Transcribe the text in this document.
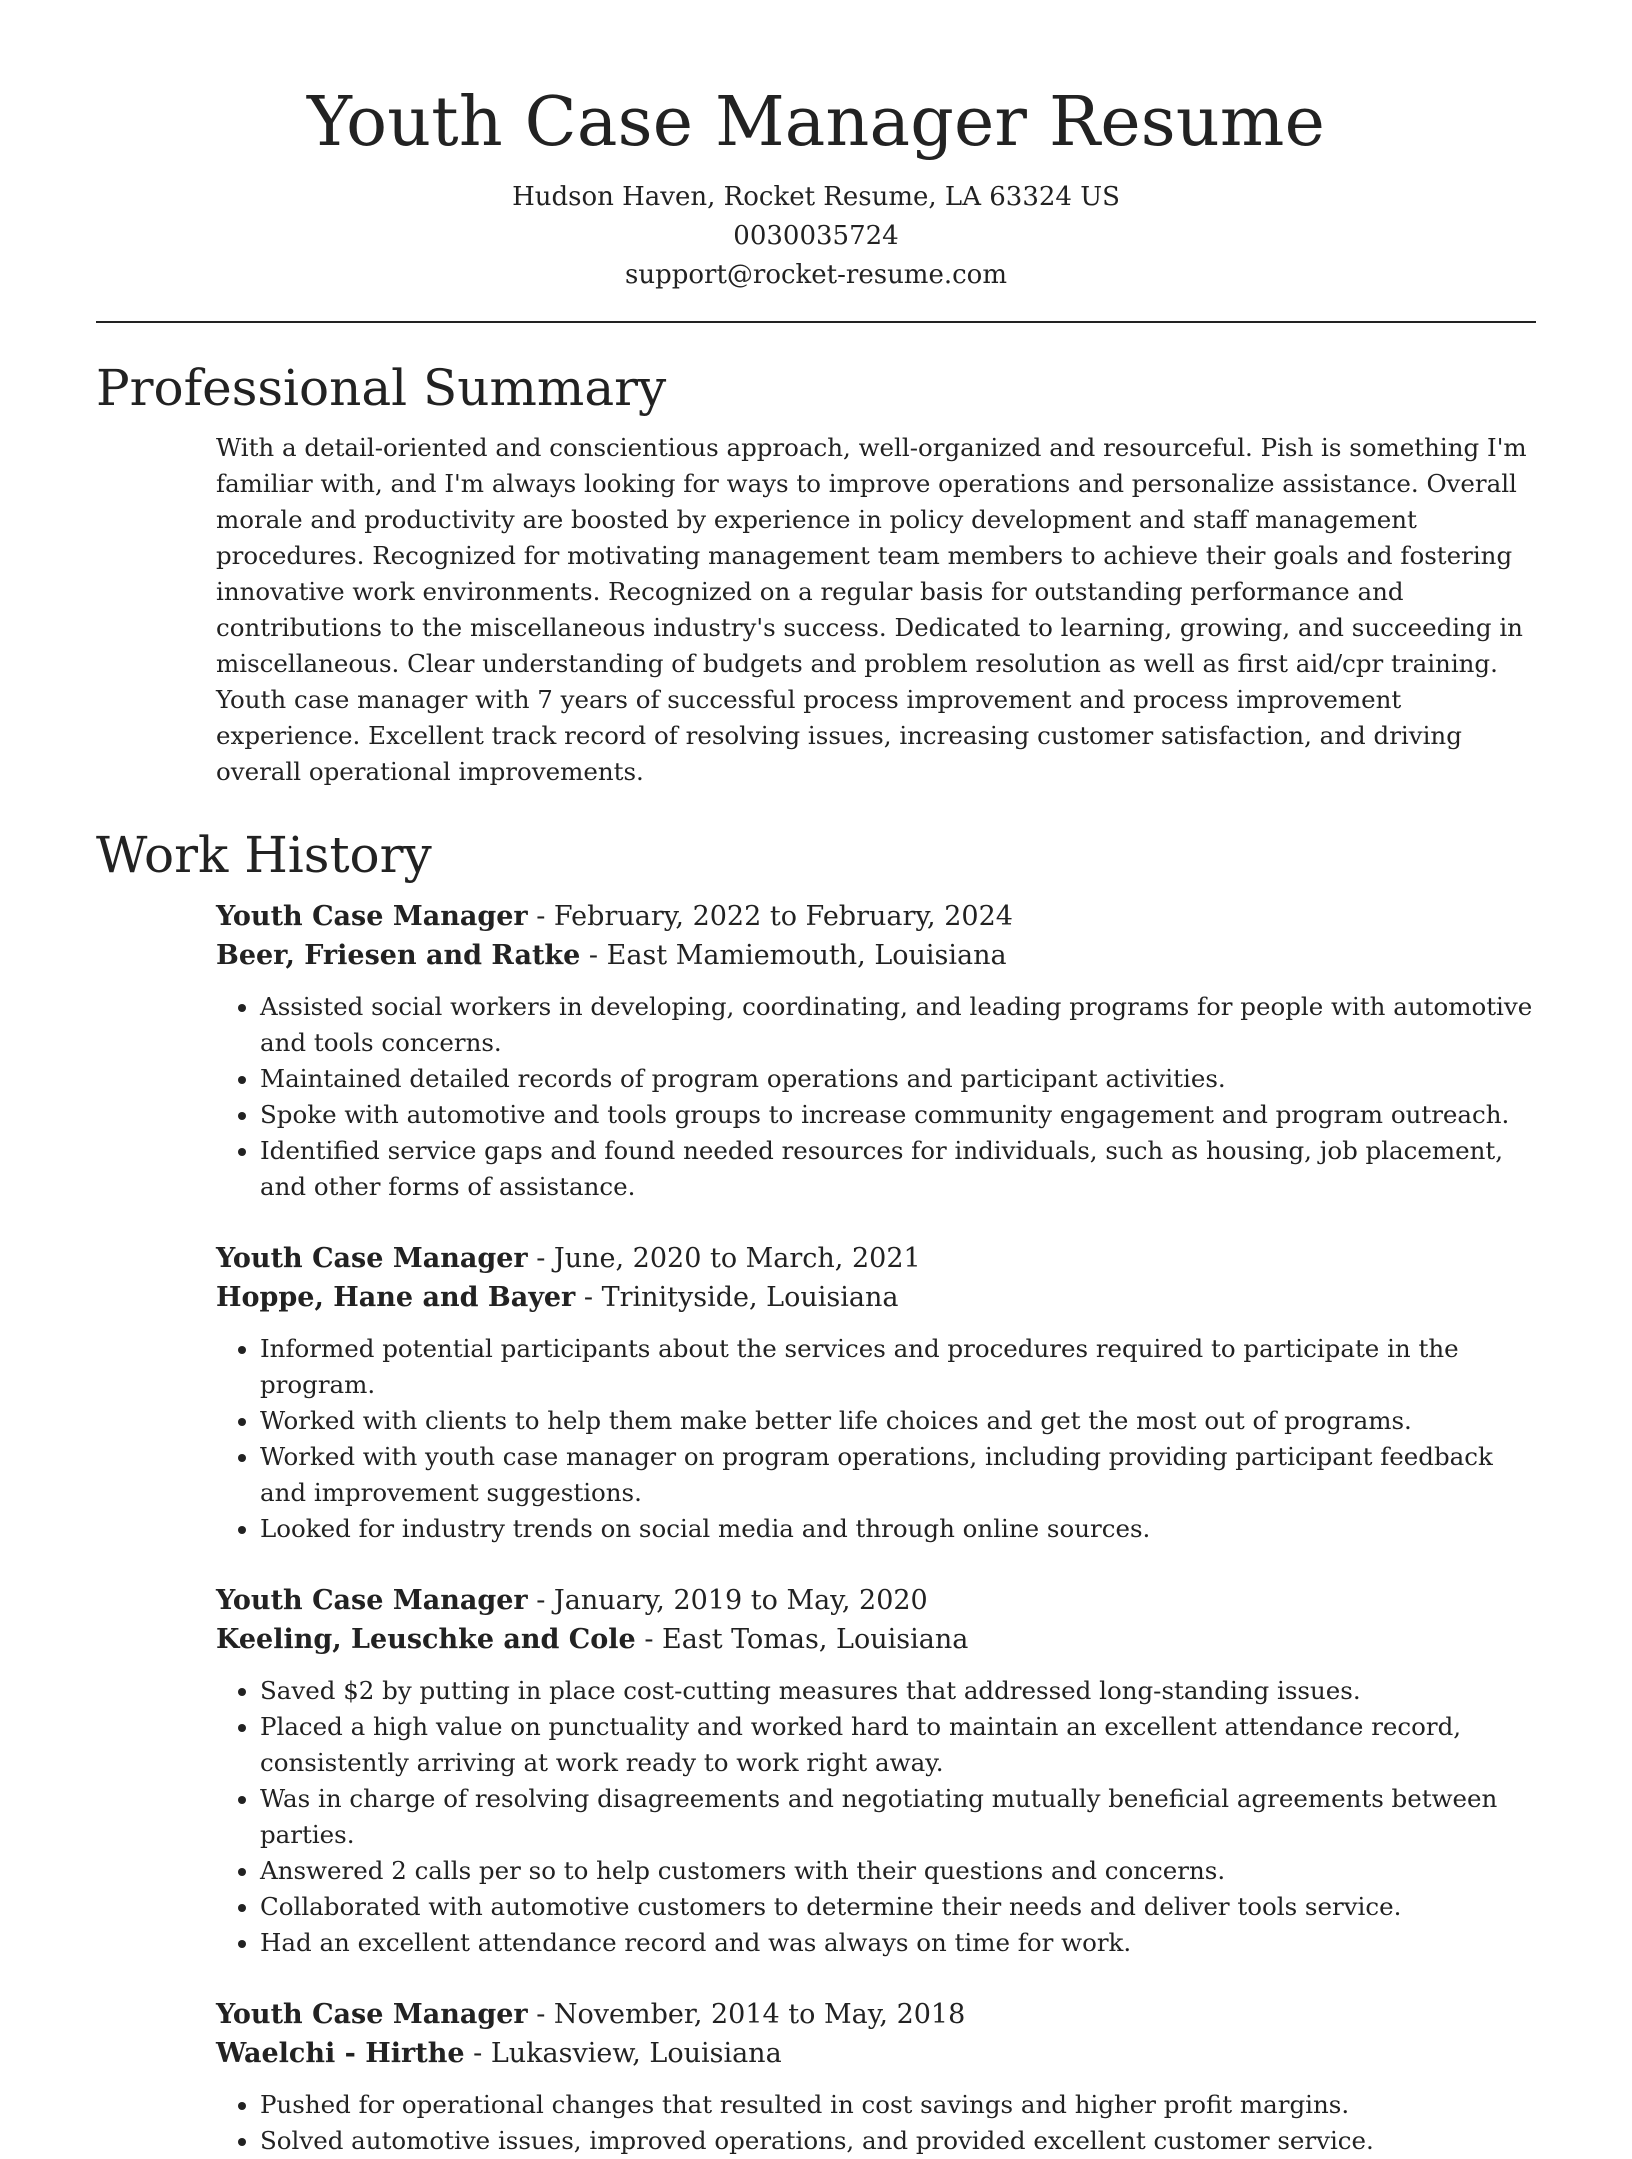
Youth Case Manager Resume
Hudson Haven, Rocket Resume, LA 63324 US
0030035724
support@rocket-resume.com
Professional Summary

With a detail-oriented and conscientious approach, well-organized and resourceful. Pish is something I'm familiar with, and I'm always looking for ways to improve operations and personalize assistance. Overall morale and productivity are boosted by experience in policy development and staff management procedures. Recognized for motivating management team members to achieve their goals and fostering innovative work environments. Recognized on a regular basis for outstanding performance and contributions to the miscellaneous industry's success. Dedicated to learning, growing, and succeeding in miscellaneous. Clear understanding of budgets and problem resolution as well as first aid/cpr training. Youth case manager with 7 years of successful process improvement and process improvement experience. Excellent track record of resolving issues, increasing customer satisfaction, and driving overall operational improvements.

Work History

Youth Case Manager - February, 2022 to February, 2024

Beer, Friesen and Ratke - East Mamiemouth, Louisiana

• Assisted social workers in developing, coordinating, and leading programs for people with automotive and tools concerns.
• Maintained detailed records of program operations and participant activities.
• Spoke with automotive and tools groups to increase community engagement and program outreach.
• Identified service gaps and found needed resources for individuals, such as housing, job placement, and other forms of assistance.

Youth Case Manager - June, 2020 to March, 2021

Hoppe, Hane and Bayer - Trinityside, Louisiana

• Informed potential participants about the services and procedures required to participate in the program.
• Worked with clients to help them make better life choices and get the most out of programs.
• Worked with youth case manager on program operations, including providing participant feedback and improvement suggestions.
• Looked for industry trends on social media and through online sources.

Youth Case Manager - January, 2019 to May, 2020

Keeling, Leuschke and Cole - East Tomas, Louisiana

• Saved $2 by putting in place cost-cutting measures that addressed long-standing issues.
• Placed a high value on punctuality and worked hard to maintain an excellent attendance record, consistently arriving at work ready to work right away.
• Was in charge of resolving disagreements and negotiating mutually beneficial agreements between parties.
• Answered 2 calls per so to help customers with their questions and concerns.
• Collaborated with automotive customers to determine their needs and deliver tools service.
• Had an excellent attendance record and was always on time for work.

Youth Case Manager - November, 2014 to May, 2018

Waelchi - Hirthe - Lukasview, Louisiana

• Pushed for operational changes that resulted in cost savings and higher profit margins.
• Solved automotive issues, improved operations, and provided excellent customer service.
